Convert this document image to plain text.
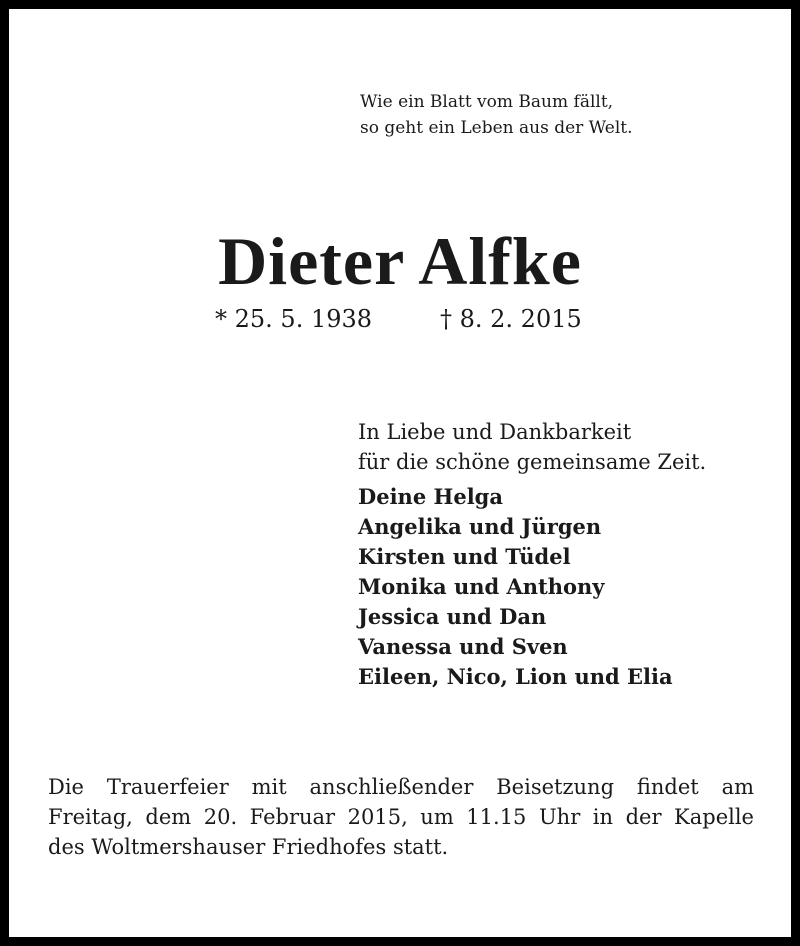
Wie ein Blatt vom Baum fällt,
so geht ein Leben aus der Welt.
Dieter Alfke
* 25. 5. 1938	† 8. 2. 2015
In Liebe und Dankbarkeit
für die schöne gemeinsame Zeit.
Deine Helga
Angelika und Jürgen
Kirsten und Tüdel
Monika und Anthony
Jessica und Dan
Vanessa und Sven
Eileen, Nico, Lion und Elia
Die Trauerfeier mit anschließender Beisetzung findet am
Freitag, dem 20. Februar 2015, um 11.15 Uhr in der Kapelle
des Woltmershauser Friedhofes statt.
